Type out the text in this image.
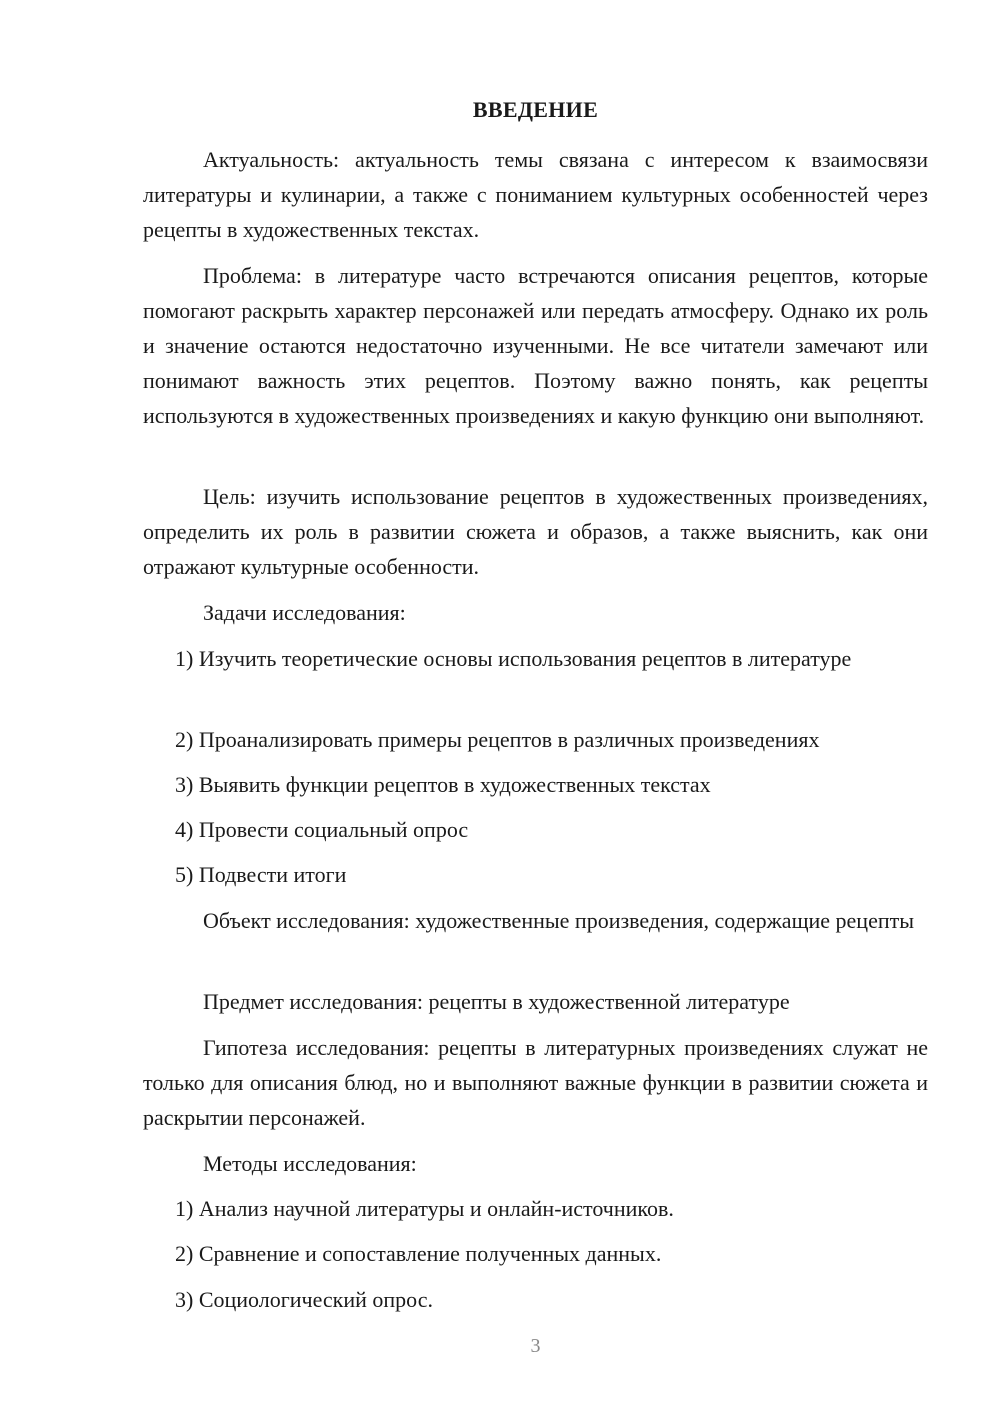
ВВЕДЕНИЕ

Актуальность: актуальность темы связана с интересом к взаимосвязи литературы и кулинарии, а также с пониманием культурных особенностей через рецепты в художественных текстах.

Проблема: в литературе часто встречаются описания рецептов, которые помогают раскрыть характер персонажей или передать атмосферу. Однако их роль и значение остаются недостаточно изученными. Не все читатели замечают или понимают важность этих рецептов. Поэтому важно понять, как рецепты используются в художественных произведениях и какую функцию они выполняют.

Цель: изучить использование рецептов в художественных произведениях, определить их роль в развитии сюжета и образов, а также выяснить, как они отражают культурные особенности.

Задачи исследования:

1) Изучить теоретические основы использования рецептов в литературе

2) Проанализировать примеры рецептов в различных произведениях

3) Выявить функции рецептов в художественных текстах

4) Провести социальный опрос

5) Подвести итоги

Объект исследования: художественные произведения, содержащие рецепты

Предмет исследования: рецепты в художественной литературе

Гипотеза исследования: рецепты в литературных произведениях служат не только для описания блюд, но и выполняют важные функции в развитии сюжета и раскрытии персонажей.

Методы исследования:

1) Анализ научной литературы и онлайн-источников.

2) Сравнение и сопоставление полученных данных.

3) Социологический опрос.

3
